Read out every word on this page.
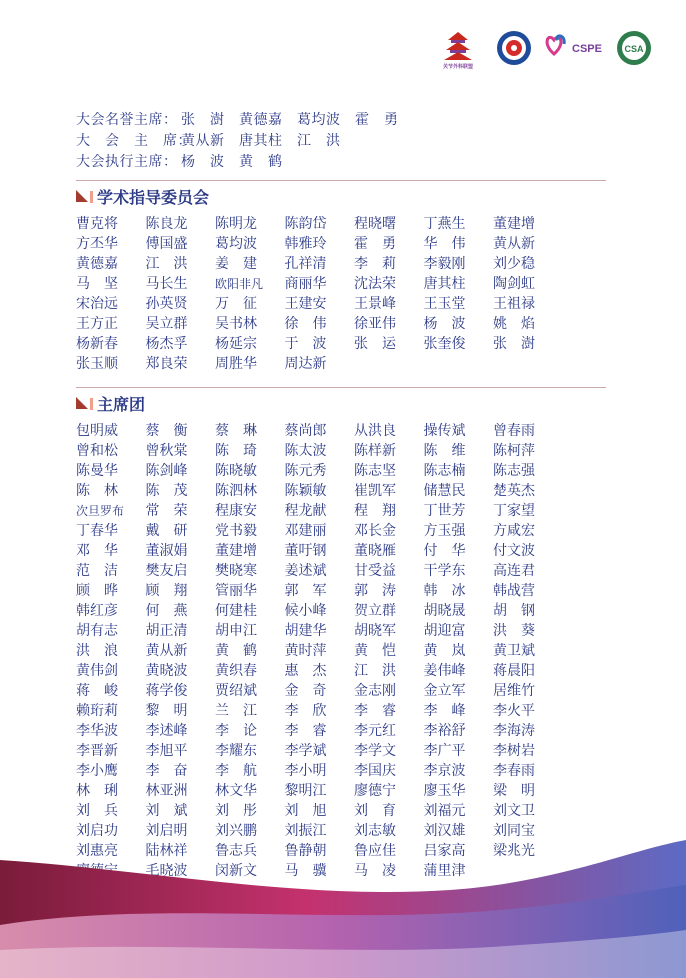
关节外科联盟
CSPE	CSA
大会名誉主席： 张　澍　黄德嘉　葛均波　霍　勇
大　会　主　席：
黄从新　唐其柱　江　洪
大会执行主席： 杨　波　黄　鹤
学术指导委员会
曹克将	陈良龙	陈明龙	陈韵岱	程晓曙	丁燕生	董建增
方丕华	傅国盛	葛均波	韩雅玲	霍　勇	华　伟	黄从新
黄德嘉	江　洪	姜　建	孔祥清	李　莉	李毅刚	刘少稳
马　坚	马长生	欧阳非凡	商丽华	沈法荣	唐其柱	陶剑虹
宋治远	孙英贤	万　征	王建安	王景峰	王玉堂	王祖禄
王方正	吴立群	吴书林	徐　伟	徐亚伟	杨　波	姚　焰
杨新春	杨杰孚	杨延宗	于　波	张　运	张奎俊	张　澍
张玉顺	郑良荣	周胜华	周达新
主席团
包明威	蔡　衡	蔡　琳	蔡尚郎	从洪良	操传斌	曾春雨
曾和松	曾秋棠	陈　琦	陈太波	陈样新	陈　维	陈柯萍
陈曼华	陈剑峰	陈晓敏	陈元秀	陈志坚	陈志楠	陈志强
陈　林	陈　茂	陈泗林	陈颖敏	崔凯军	储慧民	楚英杰
次旦罗布	常　荣	程康安	程龙献	程　翔	丁世芳	丁家望
丁春华	戴　研	党书毅	邓建丽	邓长金	方玉强	方咸宏
邓　华	董淑娟	董建增	董吁钢	董晓雁	付　华	付文波
范　洁	樊友启	樊晓寒	姜述斌	甘受益	干学东	高连君
顾　晔	顾　翔	管丽华	郭　军	郭　涛	韩　冰	韩战营
韩红彦	何　燕	何建桂	候小峰	贺立群	胡晓晟	胡　钢
胡有志	胡正清	胡申江	胡建华	胡晓军	胡迎富	洪　葵
洪　浪	黄从新	黄　鹤	黄时萍	黄　恺	黄　岚	黄卫斌
黄伟剑	黄晓波	黄织春	惠　杰	江　洪	姜伟峰	蒋晨阳
蒋　峻	蒋学俊	贾绍斌	金　奇	金志刚	金立军	居维竹
赖珩莉	黎　明	兰　江	李　欣	李　睿	李　峰	李火平
李华波	李述峰	李　论	李　睿	李元红	李裕舒	李海涛
李晋新	李旭平	李耀东	李学斌	李学文	李广平	李树岩
李小鹰	李　奋	李　航	李小明	李国庆	李京波	李春雨
林　琍	林亚洲	林文华	黎明江	廖德宁	廖玉华	梁　明
刘　兵	刘　斌	刘　彤	刘　旭	刘　育	刘福元	刘文卫
刘启功	刘启明	刘兴鹏	刘振江	刘志敏	刘汉雄	刘同宝
刘惠亮	陆林祥	鲁志兵	鲁静朝	鲁应佳	吕家高	梁兆光
毛晓波	闵新文	马　骥	马　凌	蒲里津
